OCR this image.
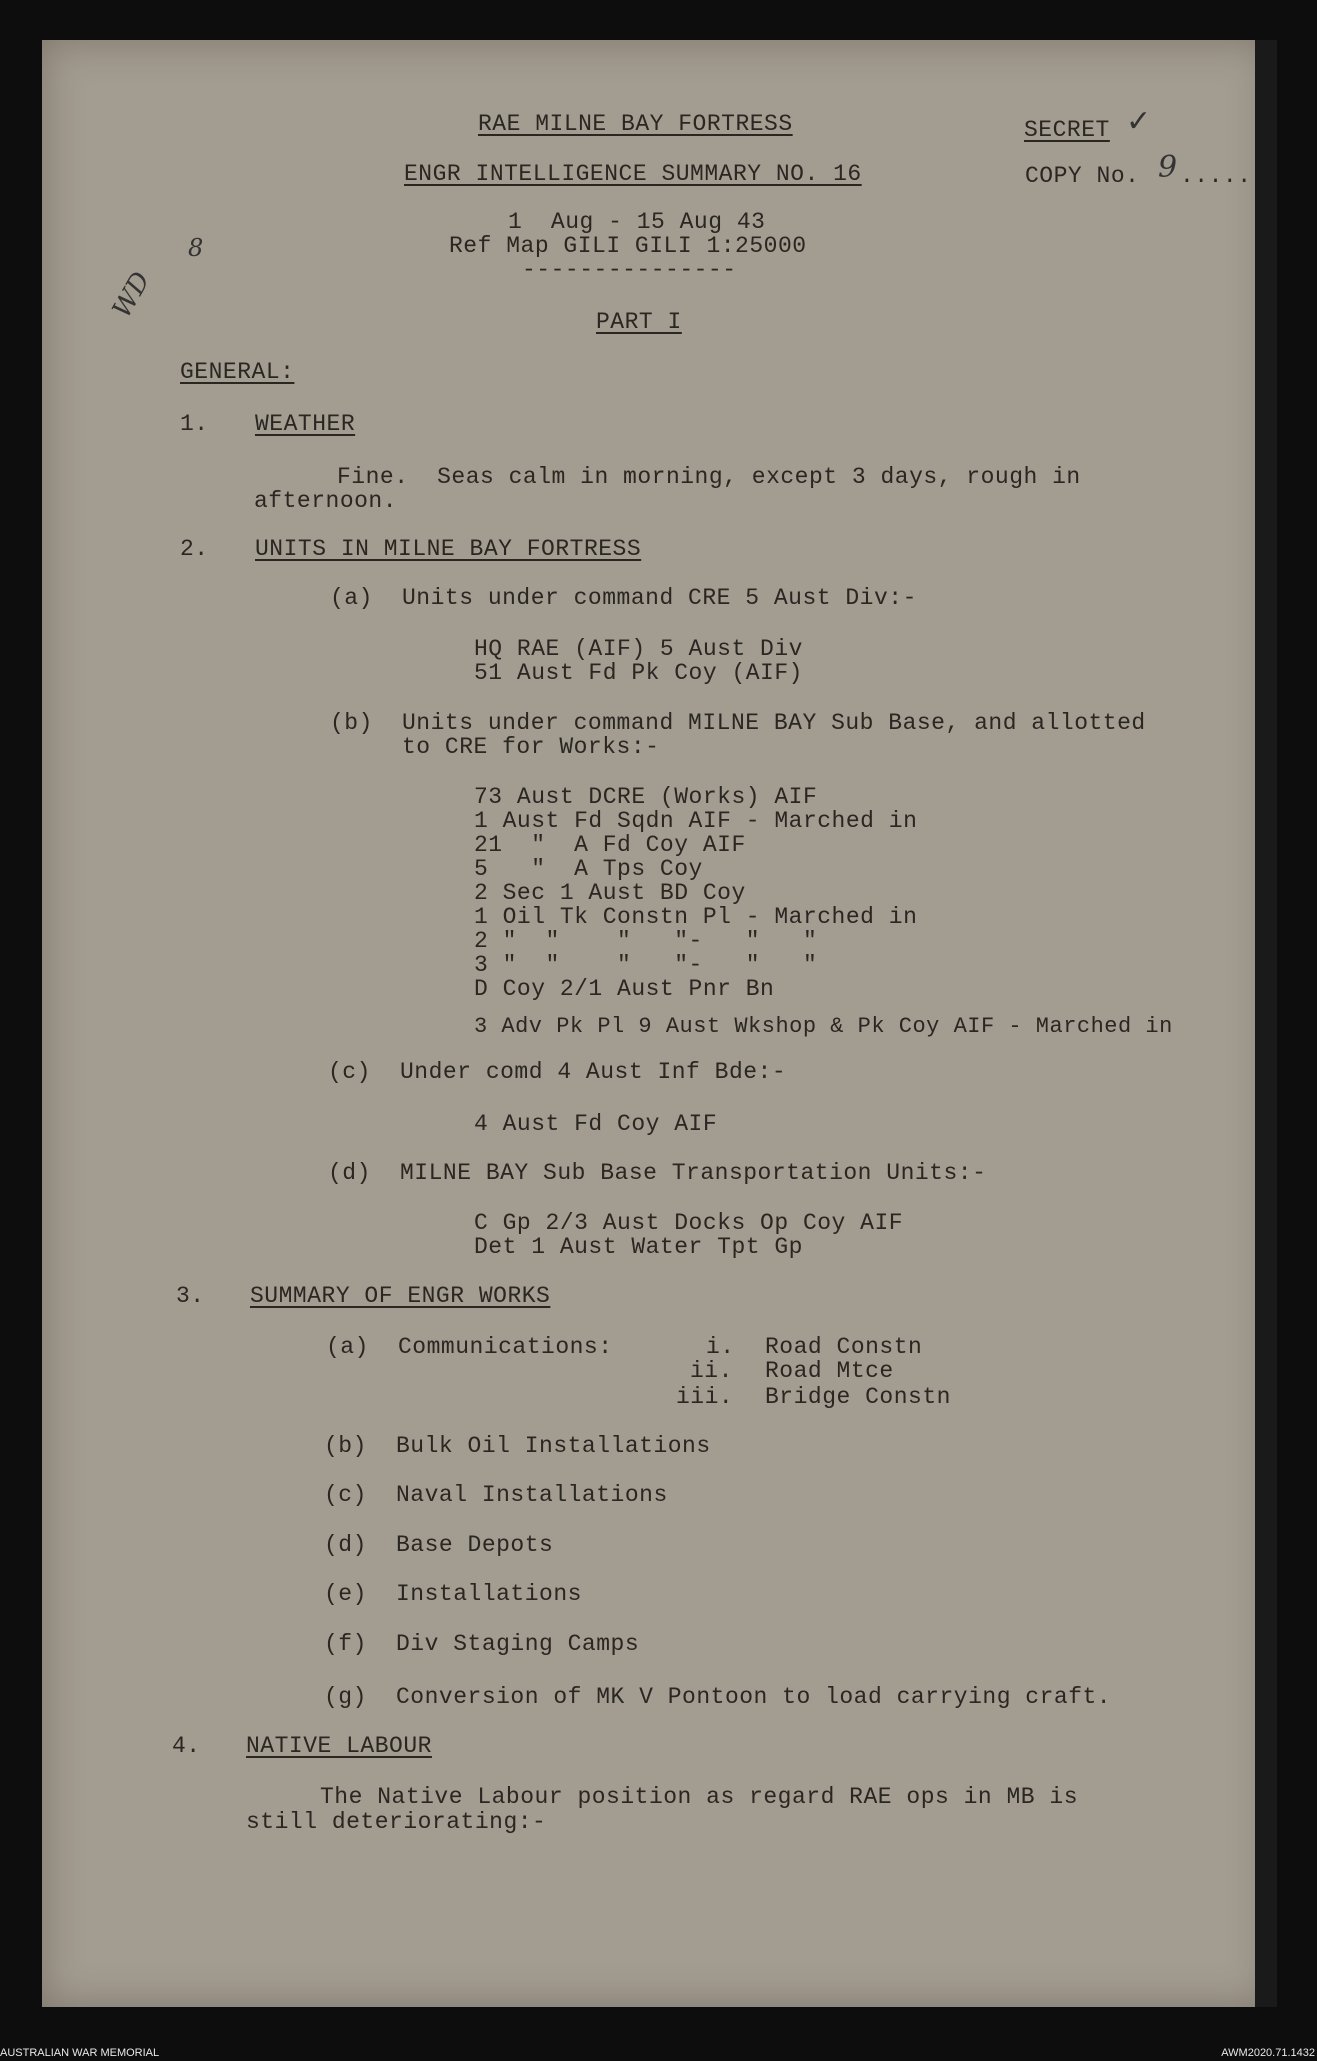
RAE MILNE BAY FORTRESS
ENGR INTELLIGENCE SUMMARY NO. 16
1  Aug - 15 Aug 43
Ref Map GILI GILI 1:25000
---------------
SECRET ✓
COPY No. 9 .....
WD
8
PART I
GENERAL:
1. WEATHER
Fine.  Seas calm in morning, except 3 days, rough in
afternoon.
2. UNITS IN MILNE BAY FORTRESS
(a) Units under command CRE 5 Aust Div:-
HQ RAE (AIF) 5 Aust Div
51 Aust Fd Pk Coy (AIF)
(b) Units under command MILNE BAY Sub Base, and allotted
to CRE for Works:-
73 Aust DCRE (Works) AIF
1 Aust Fd Sqdn AIF - Marched in
21  "  A Fd Coy AIF
5   "  A Tps Coy
2 Sec 1 Aust BD Coy
1 Oil Tk Constn Pl - Marched in
2 "  "    "   "-   "   "
3 "  "    "   "-   "   "
D Coy 2/1 Aust Pnr Bn
3 Adv Pk Pl 9 Aust Wkshop & Pk Coy AIF - Marched in
(c) Under comd 4 Aust Inf Bde:-
4 Aust Fd Coy AIF
(d) MILNE BAY Sub Base Transportation Units:-
C Gp 2/3 Aust Docks Op Coy AIF
Det 1 Aust Water Tpt Gp
3. SUMMARY OF ENGR WORKS
(a) Communications:	i. Road Constn
ii. Road Mtce
iii. Bridge Constn
(b) Bulk Oil Installations
(c) Naval Installations
(d) Base Depots
(e) Installations
(f) Div Staging Camps
(g) Conversion of MK V Pontoon to load carrying craft.
4. NATIVE LABOUR
The Native Labour position as regard RAE ops in MB is
still deteriorating:-
AUSTRALIAN WAR MEMORIAL	AWM2020.71.1432
